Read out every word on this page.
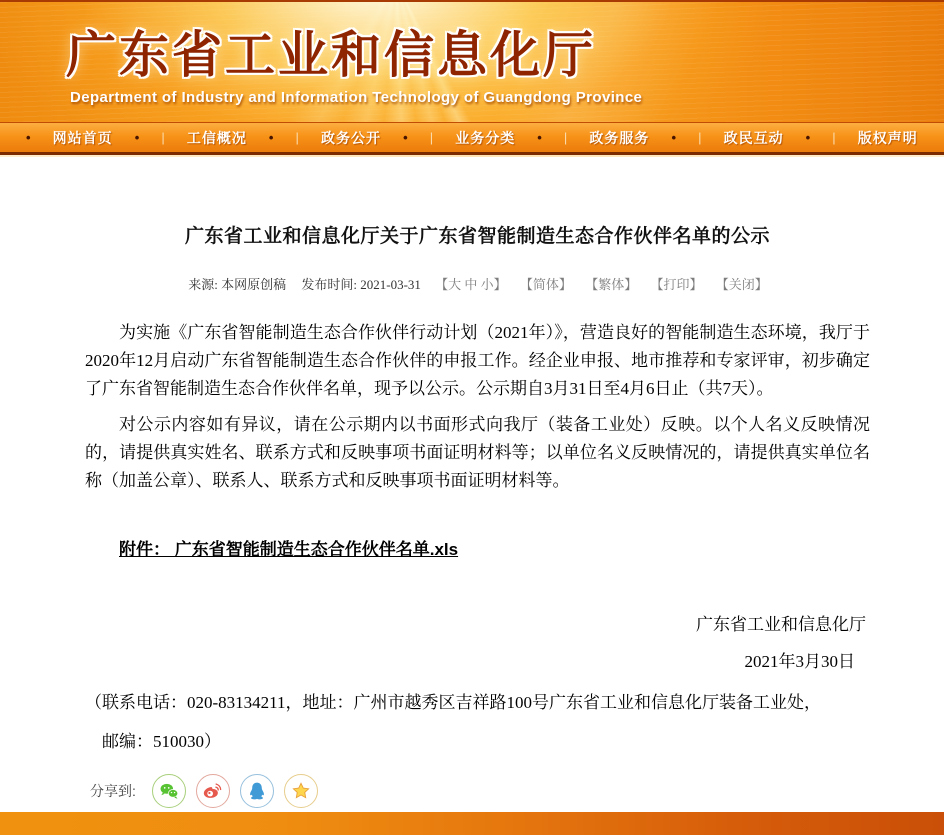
广东省工业和信息化厅
Department of Industry and Information Technology of Guangdong Province
• 网站首页 • | 工信概况 • | 政务公开 • | 业务分类 • | 政务服务 • | 政民互动 • | 版权声明
广东省工业和信息化厅关于广东省智能制造生态合作伙伴名单的公示
来源: 本网原创稿 发布时间: 2021-03-31 【大 中 小】 【简体】 【繁体】 【打印】 【关闭】

为实施《广东省智能制造生态合作伙伴行动计划（2021年）》，营造良好的智能制造生态环境，我厅于2020年12月启动广东省智能制造生态合作伙伴的申报工作。经企业申报、地市推荐和专家评审，初步确定了广东省智能制造生态合作伙伴名单，现予以公示。公示期自3月31日至4月6日止（共7天）。

对公示内容如有异议，请在公示期内以书面形式向我厅（装备工业处）反映。以个人名义反映情况的，请提供真实姓名、联系方式和反映事项书面证明材料等；以单位名义反映情况的，请提供真实单位名称（加盖公章）、联系人、联系方式和反映事项书面证明材料等。

附件： 广东省智能制造生态合作伙伴名单.xls

广东省工业和信息化厅

2021年3月30日

（联系电话：020-83134211，地址：广州市越秀区吉祥路100号广东省工业和信息化厅装备工业处，

邮编：510030）

分享到:
